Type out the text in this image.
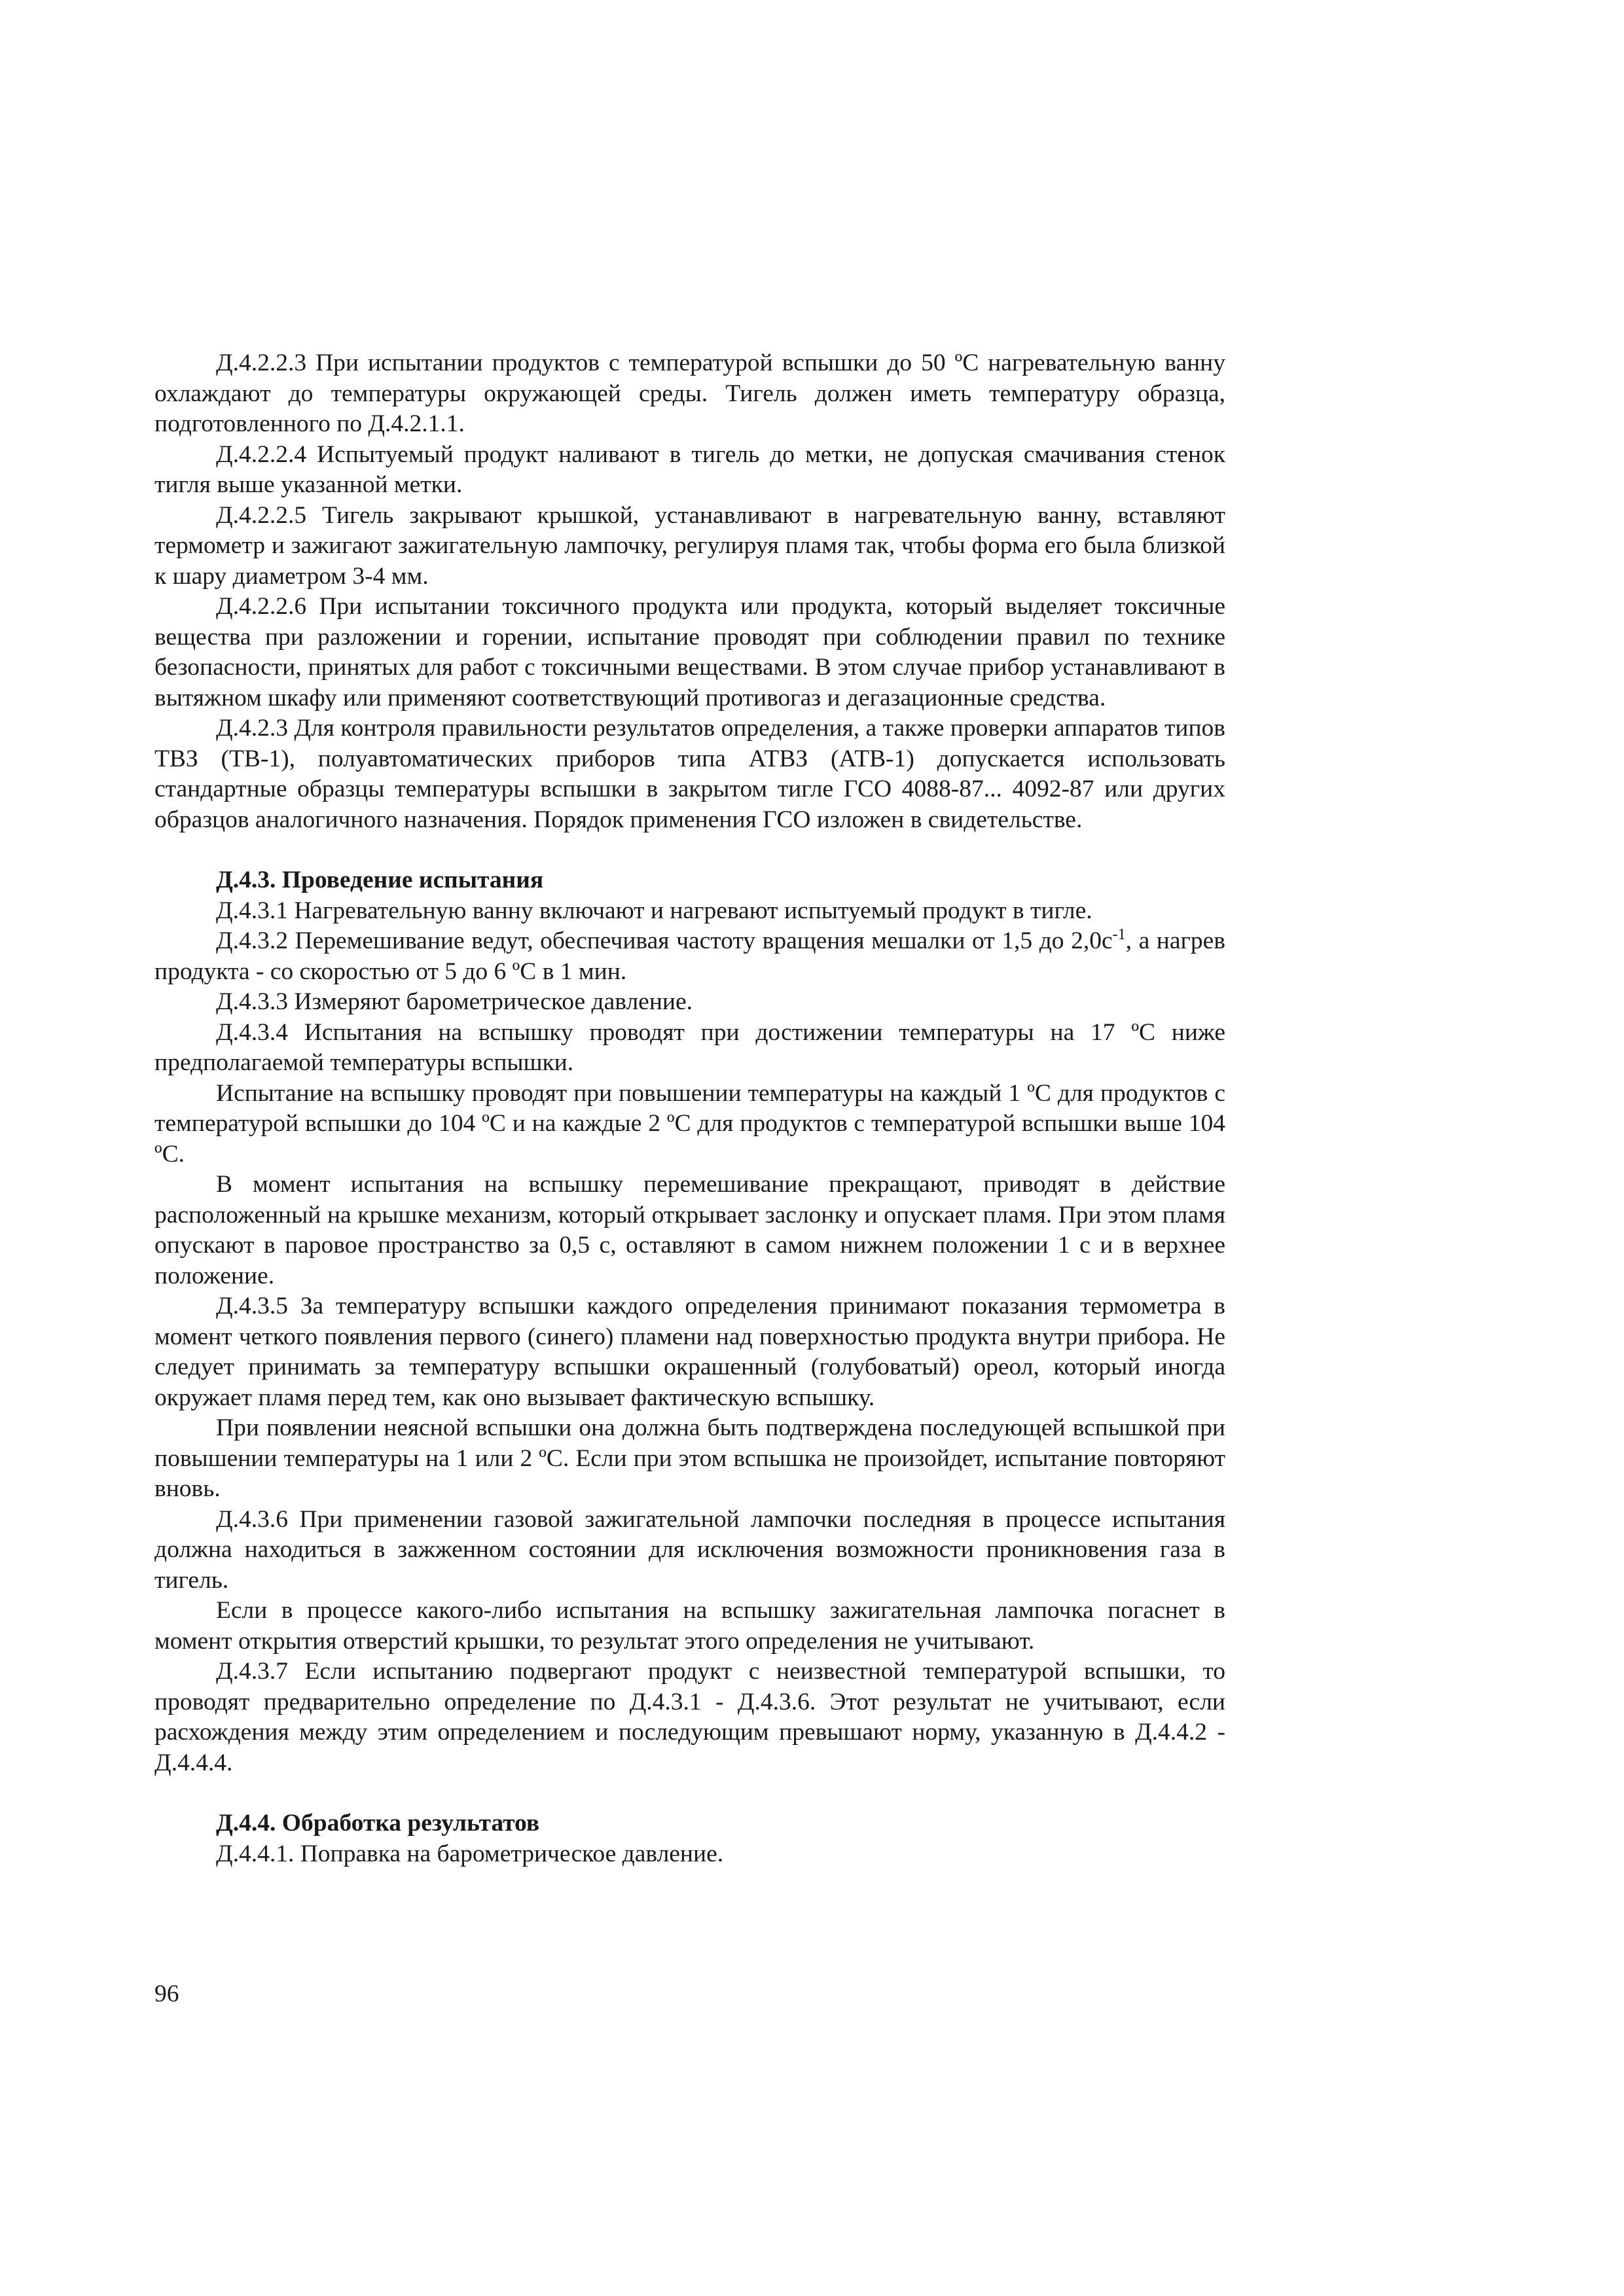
Д.4.2.2.3 При испытании продуктов с температурой вспышки до 50 ºС нагревательную ванну охлаждают до температуры окружающей среды. Тигель должен иметь температуру образца, подготовленного по Д.4.2.1.1.

Д.4.2.2.4 Испытуемый продукт наливают в тигель до метки, не допуская смачивания стенок тигля выше указанной метки.

Д.4.2.2.5 Тигель закрывают крышкой, устанавливают в нагревательную ванну, вставляют термометр и зажигают зажигательную лампочку, регулируя пламя так, чтобы форма его была близкой к шару диаметром 3-4 мм.

Д.4.2.2.6 При испытании токсичного продукта или продукта, который выделяет токсичные вещества при разложении и горении, испытание проводят при соблюдении правил по технике безопасности, принятых для работ с токсичными веществами. В этом случае прибор устанавливают в вытяжном шкафу или применяют соответствующий противогаз и дегазационные средства.

Д.4.2.3 Для контроля правильности результатов определения, а также проверки аппаратов типов ТВЗ (ТВ-1), полуавтоматических приборов типа АТВЗ (АТВ-1) допускается использовать стандартные образцы температуры вспышки в закрытом тигле ГСО 4088-87... 4092-87 или других образцов аналогичного назначения. Порядок применения ГСО изложен в свидетельстве.

Д.4.3. Проведение испытания

Д.4.3.1 Нагревательную ванну включают и нагревают испытуемый продукт в тигле.

Д.4.3.2 Перемешивание ведут, обеспечивая частоту вращения мешалки от 1,5 до $2,0с^{-1}$, а нагрев продукта - со скоростью от 5 до 6 ºС в 1 мин.

Д.4.3.3 Измеряют барометрическое давление.

Д.4.3.4 Испытания на вспышку проводят при достижении температуры на 17 ºС ниже предполагаемой температуры вспышки.

Испытание на вспышку проводят при повышении температуры на каждый 1 ºС для продуктов с температурой вспышки до 104 ºС и на каждые 2 ºС для продуктов с температурой вспышки выше 104 ºС.

В момент испытания на вспышку перемешивание прекращают, приводят в действие расположенный на крышке механизм, который открывает заслонку и опускает пламя. При этом пламя опускают в паровое пространство за 0,5 с, оставляют в самом нижнем положении 1 с и в верхнее положение.

Д.4.3.5 За температуру вспышки каждого определения принимают показания термометра в момент четкого появления первого (синего) пламени над поверхностью продукта внутри прибора. Не следует принимать за температуру вспышки окрашенный (голубоватый) ореол, который иногда окружает пламя перед тем, как оно вызывает фактическую вспышку.

При появлении неясной вспышки она должна быть подтверждена последующей вспышкой при повышении температуры на 1 или 2 ºС. Если при этом вспышка не произойдет, испытание повторяют вновь.

Д.4.3.6 При применении газовой зажигательной лампочки последняя в процессе испытания должна находиться в зажженном состоянии для исключения возможности проникновения газа в тигель.

Если в процессе какого-либо испытания на вспышку зажигательная лампочка погаснет в момент открытия отверстий крышки, то результат этого определения не учитывают.

Д.4.3.7 Если испытанию подвергают продукт с неизвестной температурой вспышки, то проводят предварительно определение по Д.4.3.1 - Д.4.3.6. Этот результат не учитывают, если расхождения между этим определением и последующим превышают норму, указанную в Д.4.4.2 - Д.4.4.4.

Д.4.4. Обработка результатов

Д.4.4.1. Поправка на барометрическое давление.

96
